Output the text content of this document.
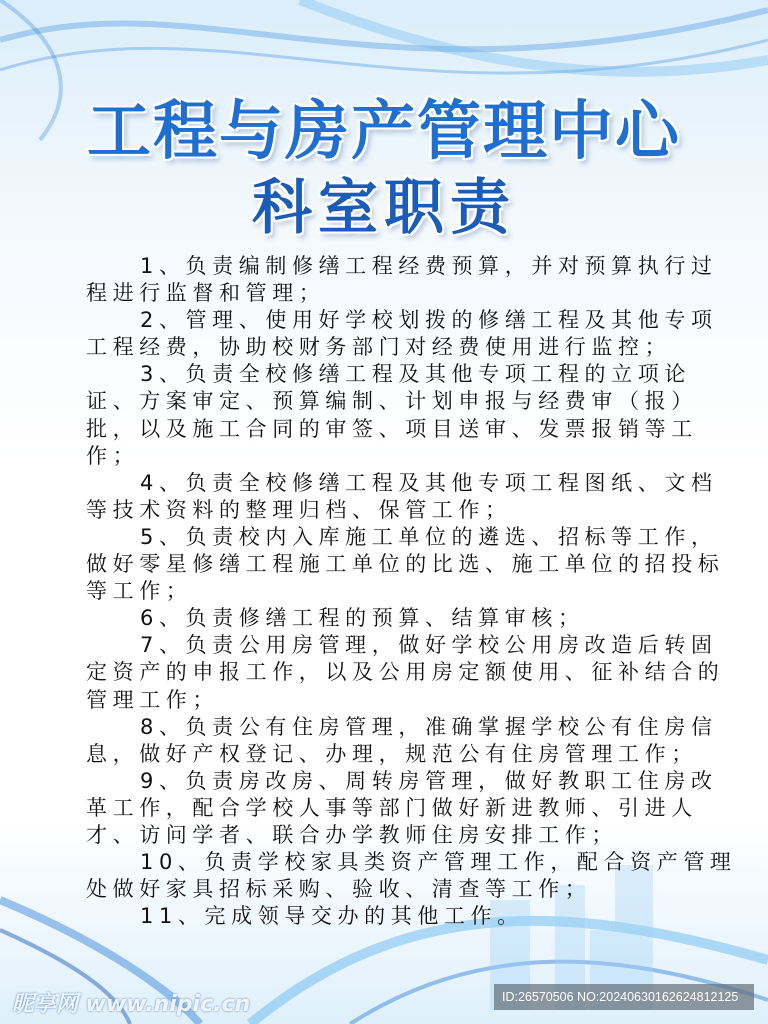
工程与房产管理中心
科室职责
1、负责编制修缮工程经费预算，并对预算执行过
程进行监督和管理；
2、管理、使用好学校划拨的修缮工程及其他专项
工程经费，协助校财务部门对经费使用进行监控；
3、负责全校修缮工程及其他专项工程的立项论
证、方案审定、预算编制、计划申报与经费审（报）
批，以及施工合同的审签、项目送审、发票报销等工
作；
4、负责全校修缮工程及其他专项工程图纸、文档
等技术资料的整理归档、保管工作；
5、负责校内入库施工单位的遴选、招标等工作，
做好零星修缮工程施工单位的比选、施工单位的招投标
等工作；
6、负责修缮工程的预算、结算审核；
7、负责公用房管理，做好学校公用房改造后转固
定资产的申报工作，以及公用房定额使用、征补结合的
管理工作；
8、负责公有住房管理，准确掌握学校公有住房信
息，做好产权登记、办理，规范公有住房管理工作；
9、负责房改房、周转房管理，做好教职工住房改
革工作，配合学校人事等部门做好新进教师、引进人
才、访问学者、联合办学教师住房安排工作；
10、负责学校家具类资产管理工作，配合资产管理
处做好家具招标采购、验收、清查等工作；
11、完成领导交办的其他工作。
昵享网 www.nipic.cn	ID:26570506 NO:20240630162624812125
